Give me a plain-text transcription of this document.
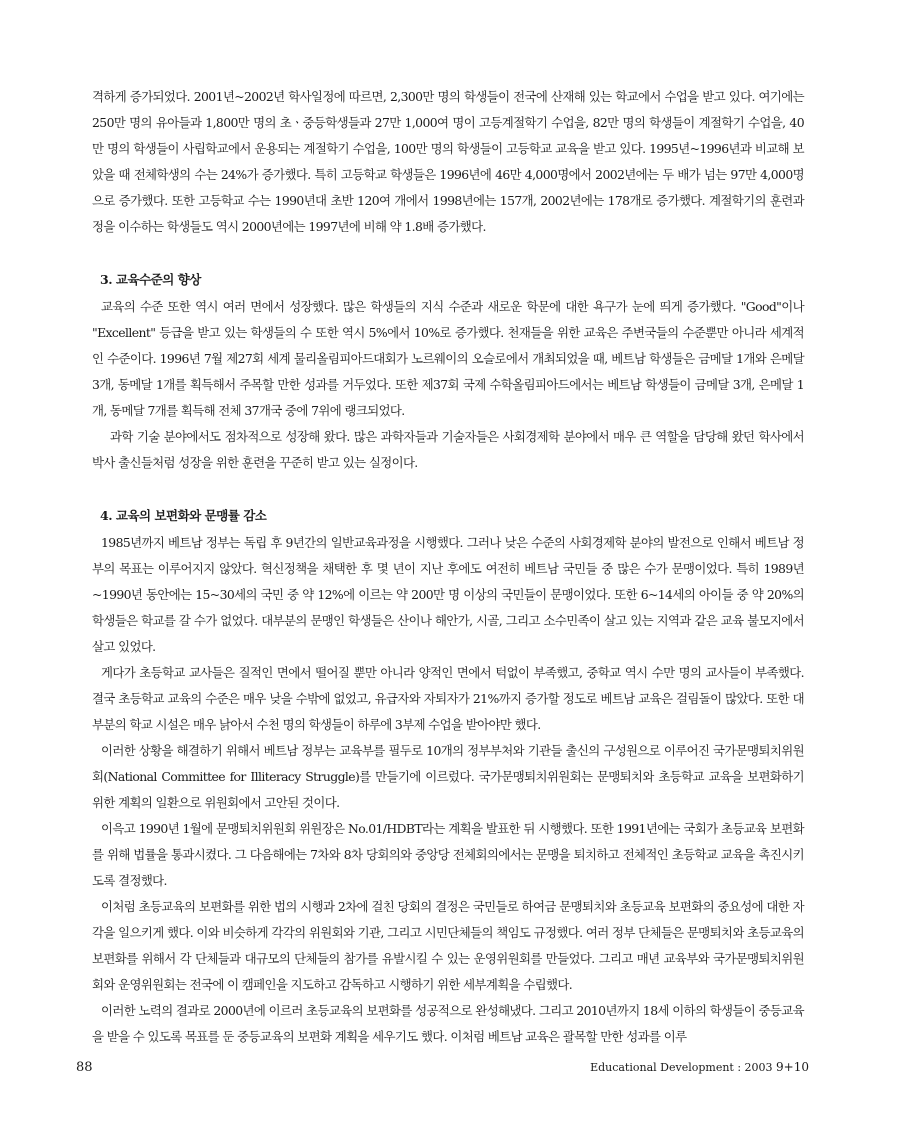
격하게 증가되었다. 2001년~2002년 학사일정에 따르면, 2,300만 명의 학생들이 전국에 산재해 있는 학교에서 수업을 받고 있다. 여기에는 250만 명의 유아들과 1,800만 명의 초ㆍ중등학생들과 27만 1,000여 명이 고등계절학기 수업을, 82만 명의 학생들이 계절학기 수업을, 40만 명의 학생들이 사립학교에서 운용되는 계절학기 수업을, 100만 명의 학생들이 고등학교 교육을 받고 있다. 1995년~1996년과 비교해 보았을 때 전체학생의 수는 24%가 증가했다. 특히 고등학교 학생들은 1996년에 46만 4,000명에서 2002년에는 두 배가 넘는 97만 4,000명으로 증가했다. 또한 고등학교 수는 1990년대 초반 120여 개에서 1998년에는 157개, 2002년에는 178개로 증가했다. 계절학기의 훈련과정을 이수하는 학생들도 역시 2000년에는 1997년에 비해 약 1.8배 증가했다.

3. 교육수준의 향상

교육의 수준 또한 역시 여러 면에서 성장했다. 많은 학생들의 지식 수준과 새로운 학문에 대한 욕구가 눈에 띄게 증가했다. "Good"이나 "Excellent" 등급을 받고 있는 학생들의 수 또한 역시 5%에서 10%로 증가했다. 천재들을 위한 교육은 주변국들의 수준뿐만 아니라 세계적인 수준이다. 1996년 7월 제27회 세계 물리올림피아드대회가 노르웨이의 오슬로에서 개최되었을 때, 베트남 학생들은 금메달 1개와 은메달 3개, 동메달 1개를 획득해서 주목할 만한 성과를 거두었다. 또한 제37회 국제 수학올림피아드에서는 베트남 학생들이 금메달 3개, 은메달 1개, 동메달 7개를 획득해 전체 37개국 중에 7위에 랭크되었다.

과학 기술 분야에서도 점차적으로 성장해 왔다. 많은 과학자들과 기술자들은 사회경제학 분야에서 매우 큰 역할을 담당해 왔던 학사에서 박사 출신들처럼 성장을 위한 훈련을 꾸준히 받고 있는 실정이다.

4. 교육의 보편화와 문맹률 감소

1985년까지 베트남 정부는 독립 후 9년간의 일반교육과정을 시행했다. 그러나 낮은 수준의 사회경제학 분야의 발전으로 인해서 베트남 정부의 목표는 이루어지지 않았다. 혁신정책을 채택한 후 몇 년이 지난 후에도 여전히 베트남 국민들 중 많은 수가 문맹이었다. 특히 1989년~1990년 동안에는 15~30세의 국민 중 약 12%에 이르는 약 200만 명 이상의 국민들이 문맹이었다. 또한 6~14세의 아이들 중 약 20%의 학생들은 학교를 갈 수가 없었다. 대부분의 문맹인 학생들은 산이나 해안가, 시골, 그리고 소수민족이 살고 있는 지역과 같은 교육 불모지에서 살고 있었다.

게다가 초등학교 교사들은 질적인 면에서 떨어질 뿐만 아니라 양적인 면에서 턱없이 부족했고, 중학교 역시 수만 명의 교사들이 부족했다. 결국 초등학교 교육의 수준은 매우 낮을 수밖에 없었고, 유급자와 자퇴자가 21%까지 증가할 정도로 베트남 교육은 걸림돌이 많았다. 또한 대부분의 학교 시설은 매우 낡아서 수천 명의 학생들이 하루에 3부제 수업을 받아야만 했다.

이러한 상황을 해결하기 위해서 베트남 정부는 교육부를 필두로 10개의 정부부처와 기관들 출신의 구성원으로 이루어진 국가문맹퇴치위원회(National Committee for Illiteracy Struggle)를 만들기에 이르렀다. 국가문맹퇴치위원회는 문맹퇴치와 초등학교 교육을 보편화하기 위한 계획의 일환으로 위원회에서 고안된 것이다.

이윽고 1990년 1월에 문맹퇴치위원회 위원장은 No.01/HDBT라는 계획을 발표한 뒤 시행했다. 또한 1991년에는 국회가 초등교육 보편화를 위해 법률을 통과시켰다. 그 다음해에는 7차와 8차 당회의와 중앙당 전체회의에서는 문맹을 퇴치하고 전체적인 초등학교 교육을 촉진시키도록 결정했다.

이처럼 초등교육의 보편화를 위한 법의 시행과 2차에 걸친 당회의 결정은 국민들로 하여금 문맹퇴치와 초등교육 보편화의 중요성에 대한 자각을 일으키게 했다. 이와 비슷하게 각각의 위원회와 기관, 그리고 시민단체들의 책임도 규정했다. 여러 정부 단체들은 문맹퇴치와 초등교육의 보편화를 위해서 각 단체들과 대규모의 단체들의 참가를 유발시킬 수 있는 운영위원회를 만들었다. 그리고 매년 교육부와 국가문맹퇴치위원회와 운영위원회는 전국에 이 캠페인을 지도하고 감독하고 시행하기 위한 세부계획을 수립했다.

이러한 노력의 결과로 2000년에 이르러 초등교육의 보편화를 성공적으로 완성해냈다. 그리고 2010년까지 18세 이하의 학생들이 중등교육을 받을 수 있도록 목표를 둔 중등교육의 보편화 계획을 세우기도 했다. 이처럼 베트남 교육은 괄목할 만한 성과를 이루

88	Educational Development : 2003 9+10
